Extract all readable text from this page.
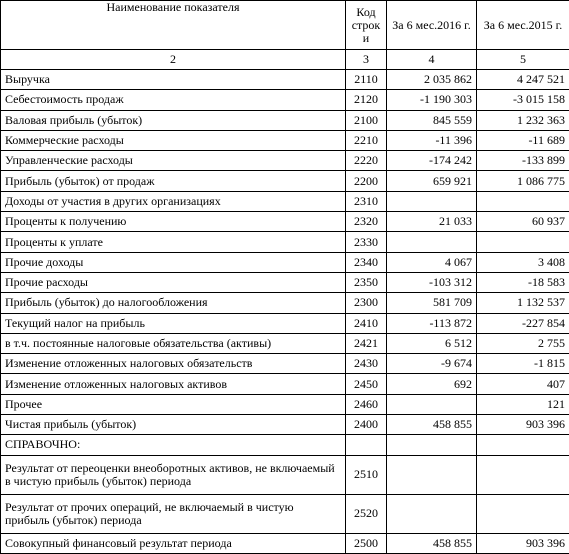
Наименование показателя	Код строк и	За 6 мес.2016 г.	За 6 мес.2015 г.
2	3	4	5
Выручка	2110	2 035 862	4 247 521
Себестоимость продаж	2120	-1 190 303	-3 015 158
Валовая прибыль (убыток)	2100	845 559	1 232 363
Коммерческие расходы	2210	-11 396	-11 689
Управленческие расходы	2220	-174 242	-133 899
Прибыль (убыток) от продаж	2200	659 921	1 086 775
Доходы от участия в других организациях	2310		
Проценты к получению	2320	21 033	60 937
Проценты к уплате	2330		
Прочие доходы	2340	4 067	3 408
Прочие расходы	2350	-103 312	-18 583
Прибыль (убыток) до налогообложения	2300	581 709	1 132 537
Текущий налог на прибыль	2410	-113 872	-227 854
в т.ч. постоянные налоговые обязательства (активы)	2421	6 512	2 755
Изменение отложенных налоговых обязательств	2430	-9 674	-1 815
Изменение отложенных налоговых активов	2450	692	407
Прочее	2460		121
Чистая прибыль (убыток)	2400	458 855	903 396
СПРАВОЧНО:			
Результат от переоценки внеоборотных активов, не включаемый в чистую прибыль (убыток) периода	2510		
Результат от прочих операций, не включаемый в чистую прибыль (убыток) периода	2520		
Совокупный финансовый результат периода	2500	458 855	903 396
